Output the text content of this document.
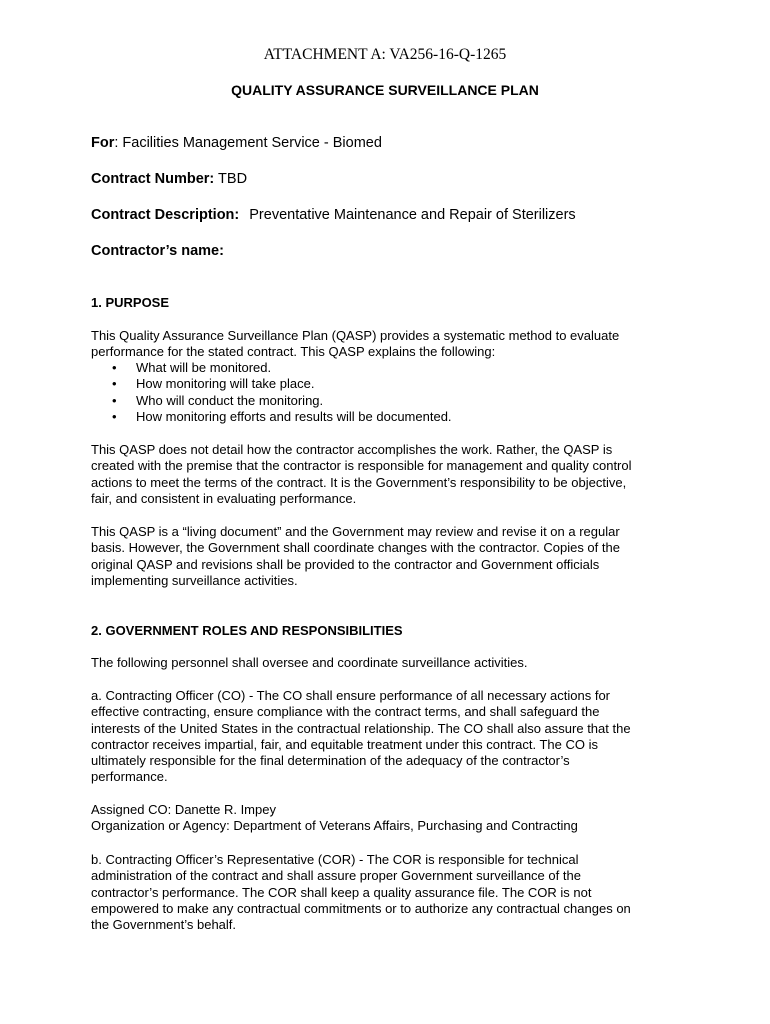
ATTACHMENT A: VA256-16-Q-1265
QUALITY ASSURANCE SURVEILLANCE PLAN
For: Facilities Management Service - Biomed
Contract Number: TBD
Contract Description: Preventative Maintenance and Repair of Sterilizers
Contractor’s name:
1. PURPOSE
This Quality Assurance Surveillance Plan (QASP) provides a systematic method to evaluate
performance for the stated contract. This QASP explains the following:
• What will be monitored.
• How monitoring will take place.
• Who will conduct the monitoring.
• How monitoring efforts and results will be documented.
This QASP does not detail how the contractor accomplishes the work. Rather, the QASP is
created with the premise that the contractor is responsible for management and quality control
actions to meet the terms of the contract. It is the Government’s responsibility to be objective,
fair, and consistent in evaluating performance.
This QASP is a “living document” and the Government may review and revise it on a regular
basis. However, the Government shall coordinate changes with the contractor. Copies of the
original QASP and revisions shall be provided to the contractor and Government officials
implementing surveillance activities.
2. GOVERNMENT ROLES AND RESPONSIBILITIES
The following personnel shall oversee and coordinate surveillance activities.
a. Contracting Officer (CO) - The CO shall ensure performance of all necessary actions for
effective contracting, ensure compliance with the contract terms, and shall safeguard the
interests of the United States in the contractual relationship. The CO shall also assure that the
contractor receives impartial, fair, and equitable treatment under this contract. The CO is
ultimately responsible for the final determination of the adequacy of the contractor’s
performance.
Assigned CO: Danette R. Impey
Organization or Agency: Department of Veterans Affairs, Purchasing and Contracting
b. Contracting Officer’s Representative (COR) - The COR is responsible for technical
administration of the contract and shall assure proper Government surveillance of the
contractor’s performance. The COR shall keep a quality assurance file. The COR is not
empowered to make any contractual commitments or to authorize any contractual changes on
the Government’s behalf.
